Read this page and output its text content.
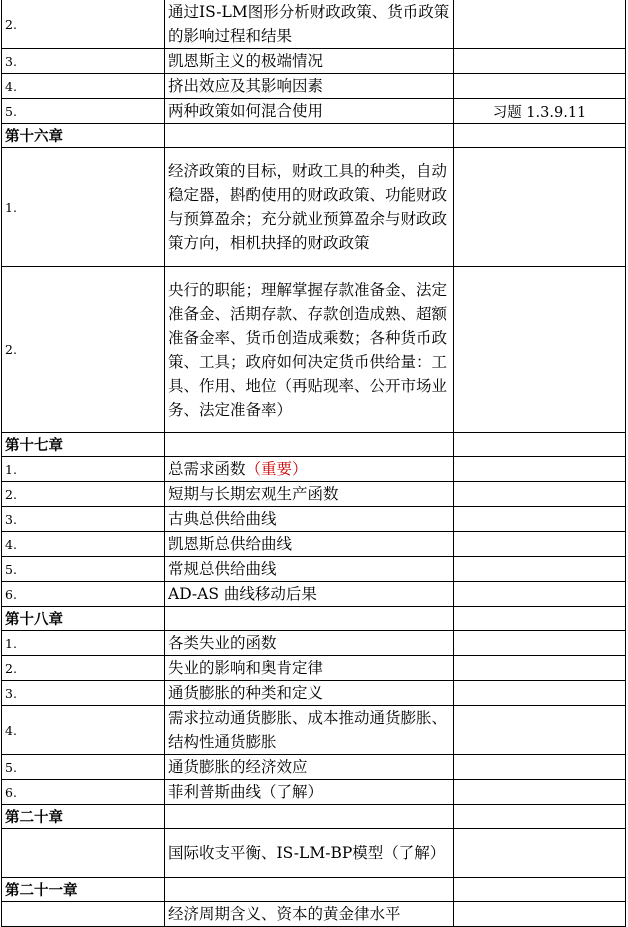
2.	通过IS-LM图形分析财政政策、货币政策的影响过程和结果	
3.	凯恩斯主义的极端情况	
4.	挤出效应及其影响因素	
5.	两种政策如何混合使用	习题 1.3.9.11
第十六章		
1.	经济政策的目标，财政工具的种类，自动稳定器，斟酌使用的财政政策、功能财政与预算盈余；充分就业预算盈余与财政政策方向，相机抉择的财政政策	
2.	央行的职能；理解掌握存款准备金、法定准备金、活期存款、存款创造成熟、超额准备金率、货币创造成乘数；各种货币政策、工具；政府如何决定货币供给量：工具、作用、地位（再贴现率、公开市场业务、法定准备率）	
第十七章		
1.	总需求函数（重要）	
2.	短期与长期宏观生产函数	
3.	古典总供给曲线	
4.	凯恩斯总供给曲线	
5.	常规总供给曲线	
6.	AD-AS 曲线移动后果	
第十八章		
1.	各类失业的函数	
2.	失业的影响和奥肯定律	
3.	通货膨胀的种类和定义	
4.	需求拉动通货膨胀、成本推动通货膨胀、结构性通货膨胀	
5.	通货膨胀的经济效应	
6.	菲利普斯曲线（了解）	
第二十章		
	国际收支平衡、IS-LM-BP模型（了解）	
第二十一章		
	经济周期含义、资本的黄金律水平	
